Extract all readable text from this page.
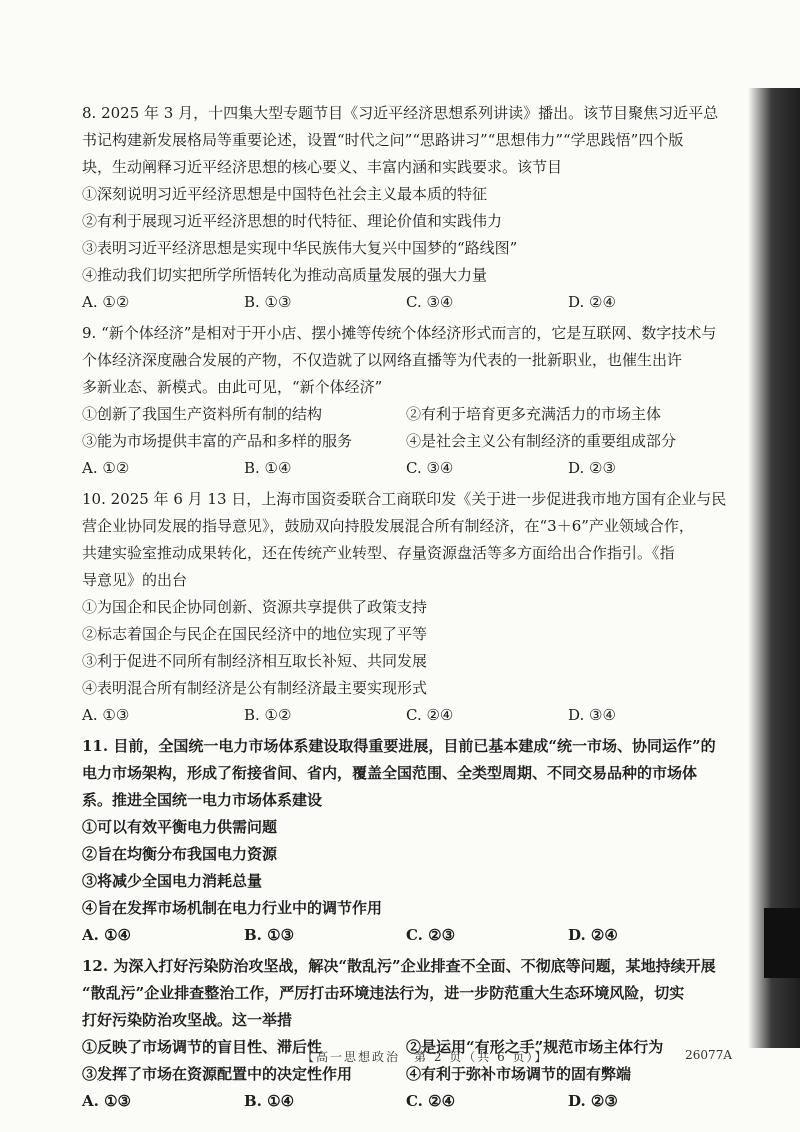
8. 2025 年 3 月，十四集大型专题节目《习近平经济思想系列讲读》播出。该节目聚焦习近平总
书记构建新发展格局等重要论述，设置“时代之问”“思路讲习”“思想伟力”“学思践悟”四个版
块，生动阐释习近平经济思想的核心要义、丰富内涵和实践要求。该节目
①深刻说明习近平经济思想是中国特色社会主义最本质的特征
②有利于展现习近平经济思想的时代特征、理论价值和实践伟力
③表明习近平经济思想是实现中华民族伟大复兴中国梦的“路线图”
④推动我们切实把所学所悟转化为推动高质量发展的强大力量
A. ①②	B. ①③	C. ③④	D. ②④
9. “新个体经济”是相对于开小店、摆小摊等传统个体经济形式而言的，它是互联网、数字技术与
个体经济深度融合发展的产物，不仅造就了以网络直播等为代表的一批新职业，也催生出许
多新业态、新模式。由此可见，“新个体经济”
①创新了我国生产资料所有制的结构	②有利于培育更多充满活力的市场主体
③能为市场提供丰富的产品和多样的服务	④是社会主义公有制经济的重要组成部分
A. ①②	B. ①④	C. ③④	D. ②③
10. 2025 年 6 月 13 日，上海市国资委联合工商联印发《关于进一步促进我市地方国有企业与民
营企业协同发展的指导意见》，鼓励双向持股发展混合所有制经济，在“3＋6”产业领域合作，
共建实验室推动成果转化，还在传统产业转型、存量资源盘活等多方面给出合作指引。《指
导意见》的出台
①为国企和民企协同创新、资源共享提供了政策支持
②标志着国企与民企在国民经济中的地位实现了平等
③利于促进不同所有制经济相互取长补短、共同发展
④表明混合所有制经济是公有制经济最主要实现形式
A. ①③	B. ①②	C. ②④	D. ③④
11. 目前，全国统一电力市场体系建设取得重要进展，目前已基本建成“统一市场、协同运作”的
电力市场架构，形成了衔接省间、省内，覆盖全国范围、全类型周期、不同交易品种的市场体
系。推进全国统一电力市场体系建设
①可以有效平衡电力供需问题
②旨在均衡分布我国电力资源
③将减少全国电力消耗总量
④旨在发挥市场机制在电力行业中的调节作用
A. ①④	B. ①③	C. ②③	D. ②④
12. 为深入打好污染防治攻坚战，解决“散乱污”企业排查不全面、不彻底等问题，某地持续开展
“散乱污”企业排查整治工作，严厉打击环境违法行为，进一步防范重大生态环境风险，切实
打好污染防治攻坚战。这一举措
①反映了市场调节的盲目性、滞后性	②是运用“有形之手”规范市场主体行为
③发挥了市场在资源配置中的决定性作用	④有利于弥补市场调节的固有弊端
A. ①③	B. ①④	C. ②④	D. ②③
【高一思想政治　第 2 页（共 6 页）】	26077A
